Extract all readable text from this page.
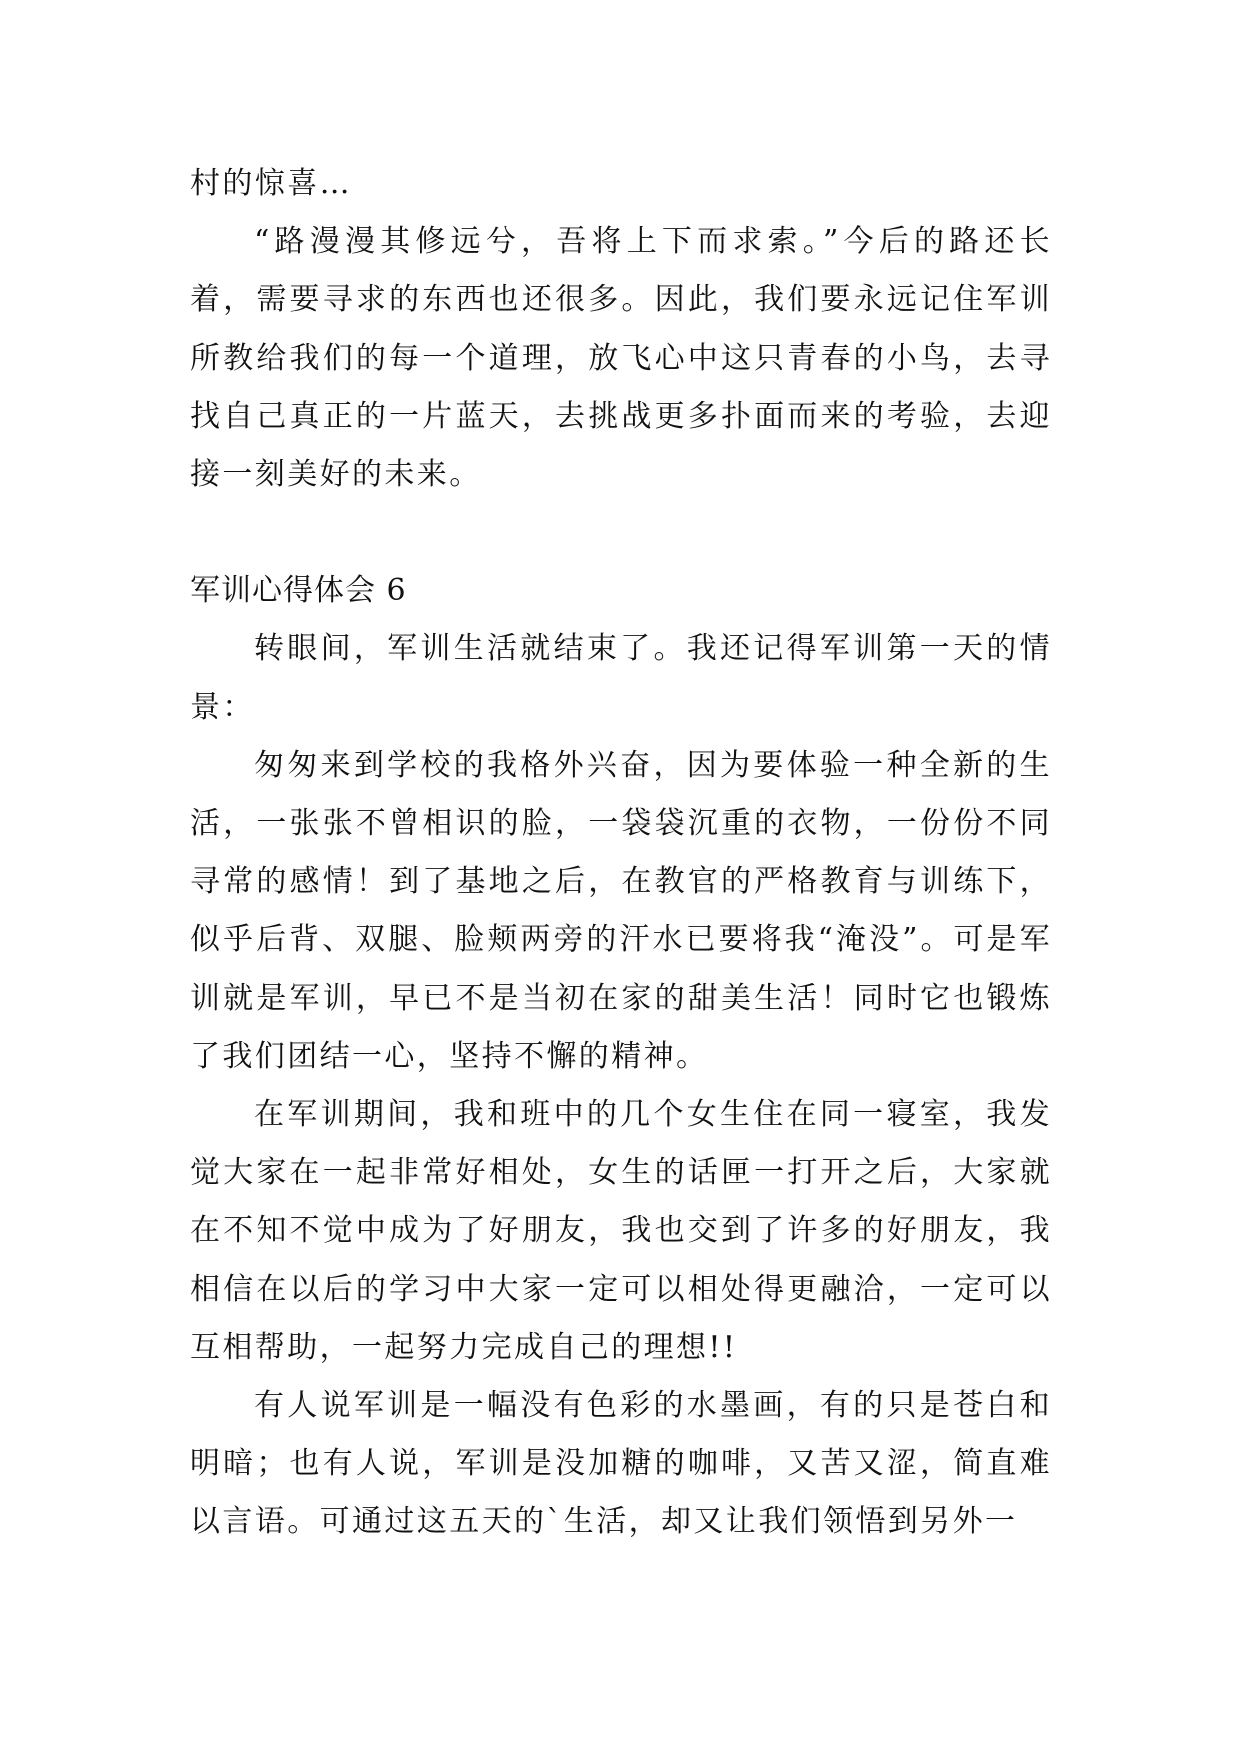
村的惊喜…

“路漫漫其修远兮，吾将上下而求索。”今后的路还长着，需要寻求的东西也还很多。因此，我们要永远记住军训所教给我们的每一个道理，放飞心中这只青春的小鸟，去寻找自己真正的一片蓝天，去挑战更多扑面而来的考验，去迎接一刻美好的未来。

军训心得体会 6

转眼间，军训生活就结束了。我还记得军训第一天的情景：

匆匆来到学校的我格外兴奋，因为要体验一种全新的生活，一张张不曾相识的脸，一袋袋沉重的衣物，一份份不同寻常的感情！到了基地之后，在教官的严格教育与训练下，似乎后背、双腿、脸颊两旁的汗水已要将我“淹没”。可是军训就是军训，早已不是当初在家的甜美生活！同时它也锻炼了我们团结一心，坚持不懈的精神。

在军训期间，我和班中的几个女生住在同一寝室，我发觉大家在一起非常好相处，女生的话匣一打开之后，大家就在不知不觉中成为了好朋友，我也交到了许多的好朋友，我相信在以后的学习中大家一定可以相处得更融洽，一定可以互相帮助，一起努力完成自己的理想!!

有人说军训是一幅没有色彩的水墨画，有的只是苍白和明暗；也有人说，军训是没加糖的咖啡，又苦又涩，简直难以言语。可通过这五天的`生活，却又让我们领悟到另外一
